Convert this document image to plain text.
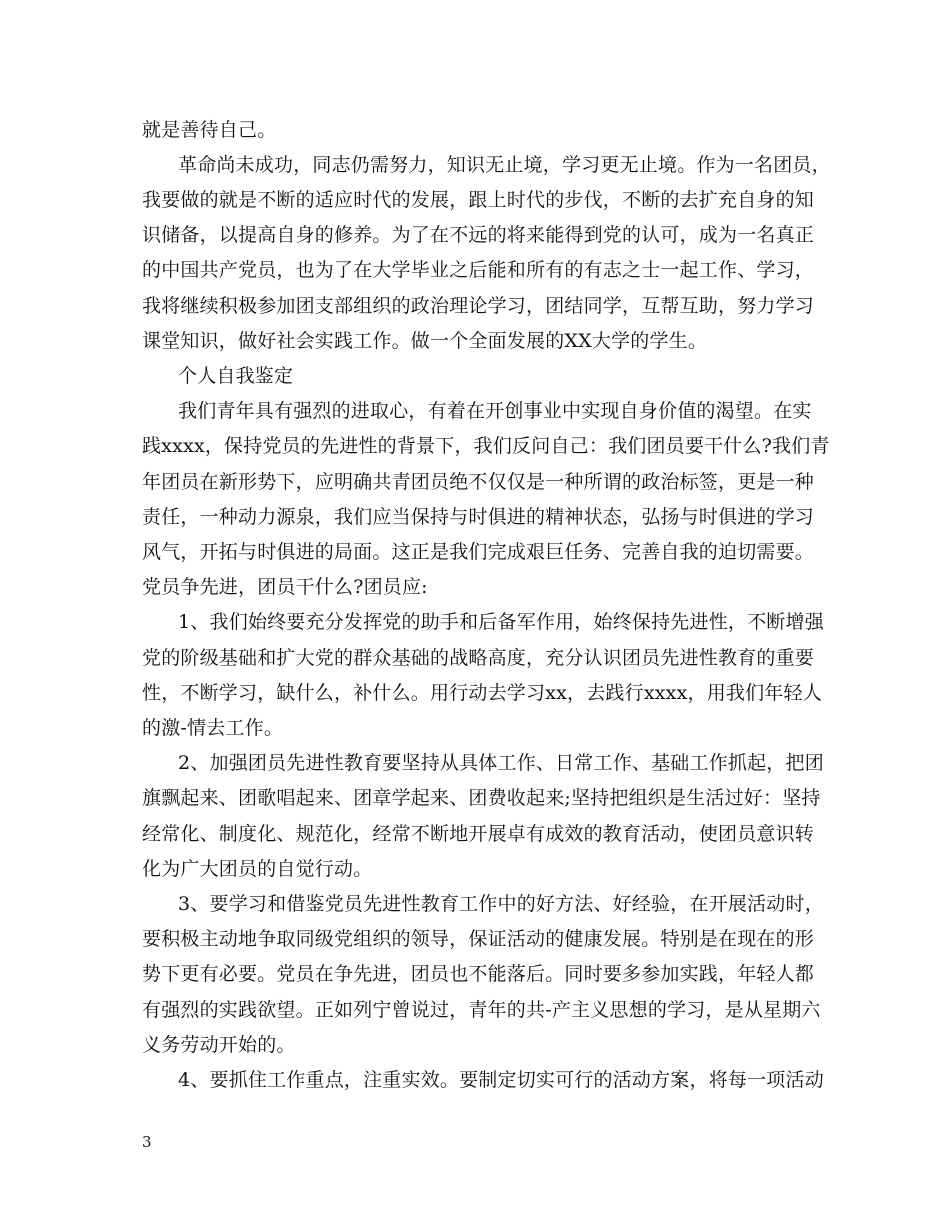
就是善待自己。
革命尚未成功，同志仍需努力，知识无止境，学习更无止境。作为一名团员，
我要做的就是不断的适应时代的发展，跟上时代的步伐，不断的去扩充自身的知
识储备，以提高自身的修养。为了在不远的将来能得到党的认可，成为一名真正
的中国共产党员，也为了在大学毕业之后能和所有的有志之士一起工作、学习，
我将继续积极参加团支部组织的政治理论学习，团结同学，互帮互助，努力学习
课堂知识，做好社会实践工作。做一个全面发展的XX大学的学生。
个人自我鉴定
我们青年具有强烈的进取心，有着在开创事业中实现自身价值的渴望。在实
践xxxx，保持党员的先进性的背景下，我们反问自己：我们团员要干什么?我们青
年团员在新形势下，应明确共青团员绝不仅仅是一种所谓的政治标签，更是一种
责任，一种动力源泉，我们应当保持与时俱进的精神状态，弘扬与时俱进的学习
风气，开拓与时俱进的局面。这正是我们完成艰巨任务、完善自我的迫切需要。
党员争先进，团员干什么?团员应:
1、我们始终要充分发挥党的助手和后备军作用，始终保持先进性，不断增强
党的阶级基础和扩大党的群众基础的战略高度，充分认识团员先进性教育的重要
性，不断学习，缺什么，补什么。用行动去学习xx，去践行xxxx，用我们年轻人
的激-情去工作。
2、加强团员先进性教育要坚持从具体工作、日常工作、基础工作抓起，把团
旗飘起来、团歌唱起来、团章学起来、团费收起来;坚持把组织是生活过好：坚持
经常化、制度化、规范化，经常不断地开展卓有成效的教育活动，使团员意识转
化为广大团员的自觉行动。
3、要学习和借鉴党员先进性教育工作中的好方法、好经验，在开展活动时，
要积极主动地争取同级党组织的领导，保证活动的健康发展。特别是在现在的形
势下更有必要。党员在争先进，团员也不能落后。同时要多参加实践，年轻人都
有强烈的实践欲望。正如列宁曾说过，青年的共-产主义思想的学习，是从星期六
义务劳动开始的。
4、要抓住工作重点，注重实效。要制定切实可行的活动方案，将每一项活动
3
